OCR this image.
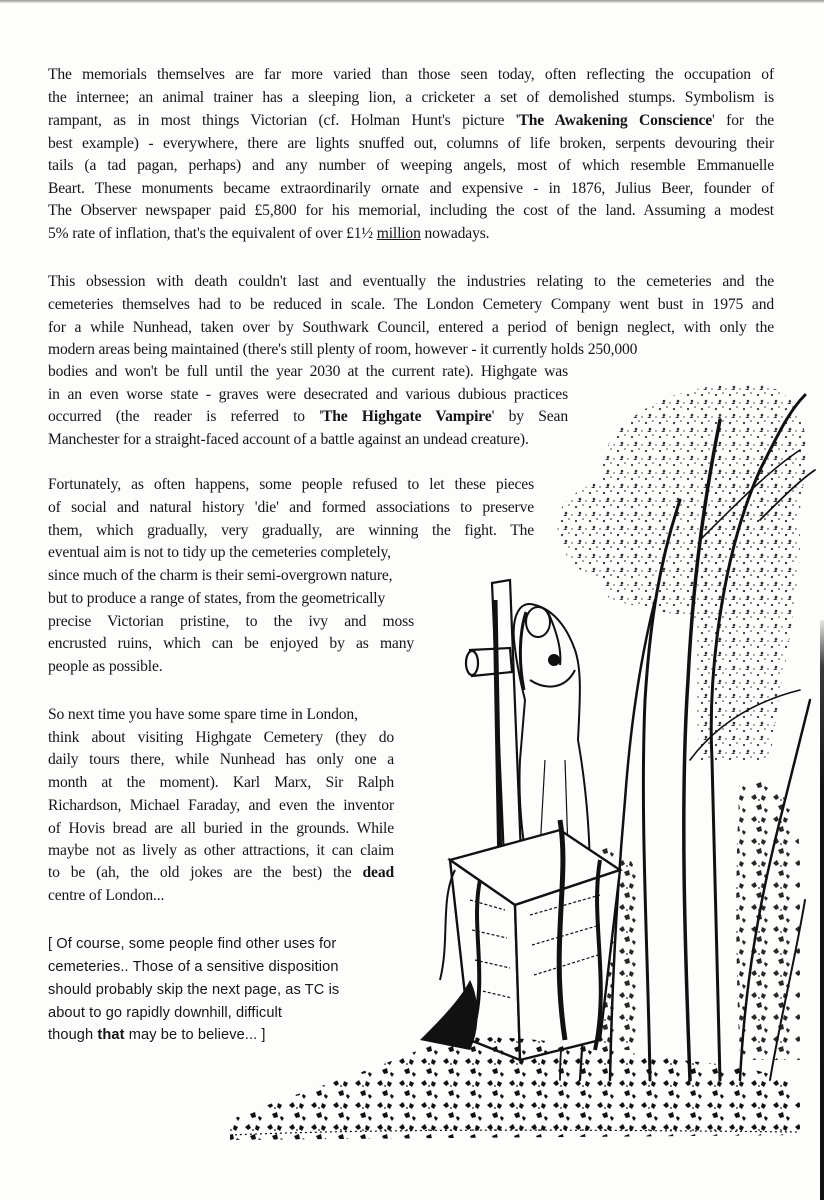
The memorials themselves are far more varied than those seen today, often reflecting the occupation of
the internee; an animal trainer has a sleeping lion, a cricketer a set of demolished stumps. Symbolism is
rampant, as in most things Victorian (cf. Holman Hunt's picture 'The Awakening Conscience' for the
best example) - everywhere, there are lights snuffed out, columns of life broken, serpents devouring their
tails (a tad pagan, perhaps) and any number of weeping angels, most of which resemble Emmanuelle
Beart. These monuments became extraordinarily ornate and expensive - in 1876, Julius Beer, founder of
The Observer newspaper paid £5,800 for his memorial, including the cost of the land. Assuming a modest
5% rate of inflation, that's the equivalent of over £1½ million nowadays.
This obsession with death couldn't last and eventually the industries relating to the cemeteries and the
cemeteries themselves had to be reduced in scale. The London Cemetery Company went bust in 1975 and
for a while Nunhead, taken over by Southwark Council, entered a period of benign neglect, with only the
modern areas being maintained (there's still plenty of room, however - it currently holds 250,000
bodies and won't be full until the year 2030 at the current rate). Highgate was
in an even worse state - graves were desecrated and various dubious practices
occurred (the reader is referred to 'The Highgate Vampire' by Sean
Manchester for a straight-faced account of a battle against an undead creature).
Fortunately, as often happens, some people refused to let these pieces
of social and natural history 'die' and formed associations to preserve
them, which gradually, very gradually, are winning the fight. The
eventual aim is not to tidy up the cemeteries completely,
since much of the charm is their semi-overgrown nature,
but to produce a range of states, from the geometrically
precise Victorian pristine, to the ivy and moss
encrusted ruins, which can be enjoyed by as many
people as possible.
So next time you have some spare time in London,
think about visiting Highgate Cemetery (they do
daily tours there, while Nunhead has only one a
month at the moment). Karl Marx, Sir Ralph
Richardson, Michael Faraday, and even the inventor
of Hovis bread are all buried in the grounds. While
maybe not as lively as other attractions, it can claim
to be (ah, the old jokes are the best) the dead
centre of London...
[ Of course, some people find other uses for
cemeteries.. Those of a sensitive disposition
should probably skip the next page, as TC is
about to go rapidly downhill, difficult
though that may be to believe... ]
